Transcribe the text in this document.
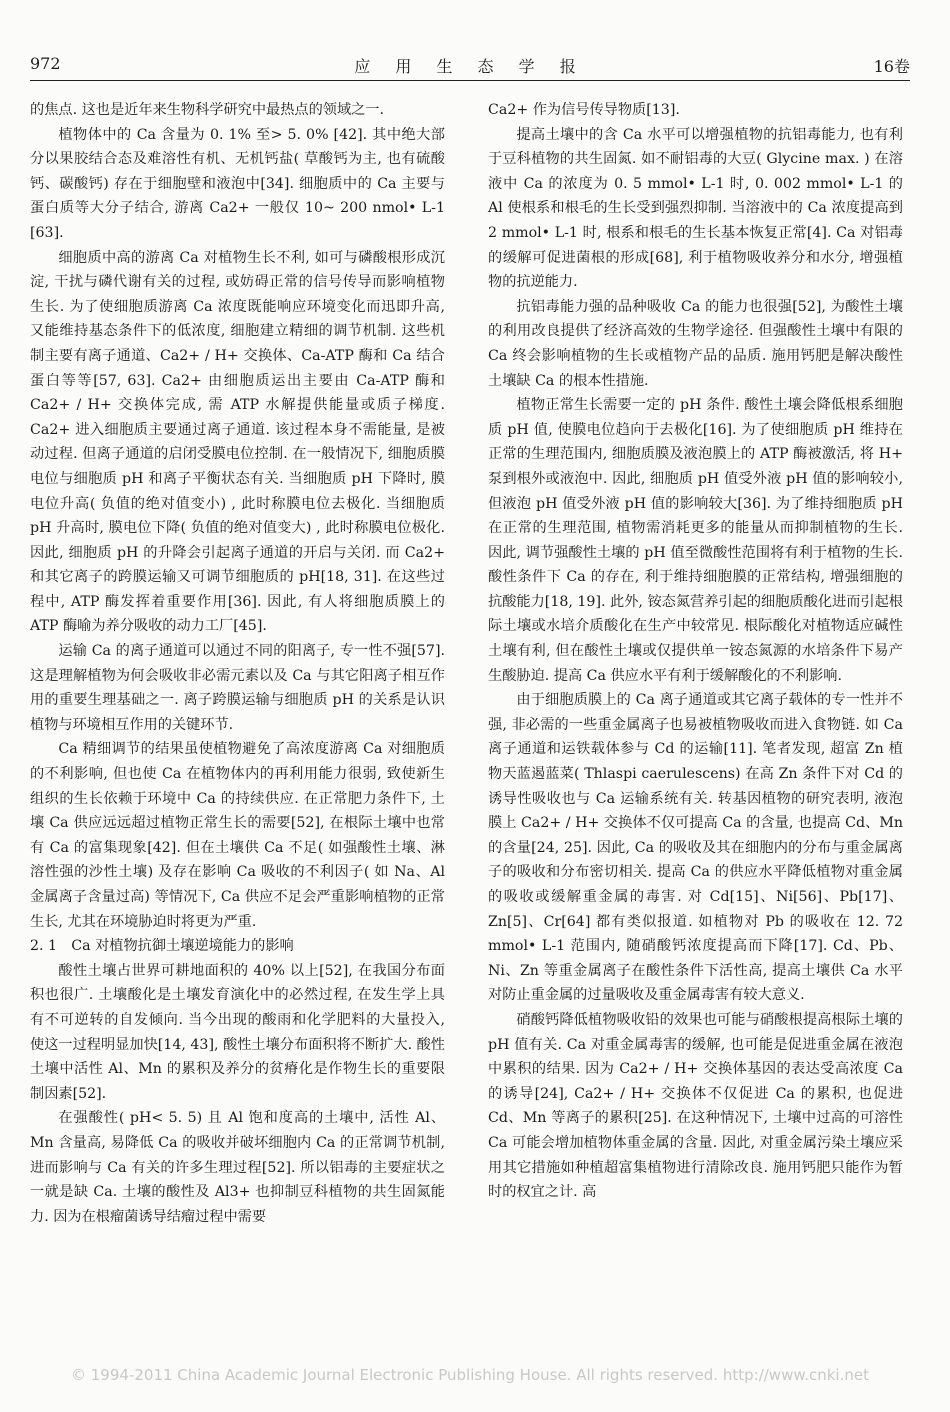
972	应 用 生 态 学 报	16卷

的焦点. 这也是近年来生物科学研究中最热点的领域之一.

植物体中的 Ca 含量为 0. 1% 至> 5. 0% [42]. 其中绝大部分以果胶结合态及难溶性有机、无机钙盐( 草酸钙为主, 也有硫酸钙、碳酸钙) 存在于细胞壁和液泡中[34]. 细胞质中的 Ca 主要与蛋白质等大分子结合, 游离 Ca2+ 一般仅 10~ 200 nmol• L-1 [63].

细胞质中高的游离 Ca 对植物生长不利, 如可与磷酸根形成沉淀, 干扰与磷代谢有关的过程, 或妨碍正常的信号传导而影响植物生长. 为了使细胞质游离 Ca 浓度既能响应环境变化而迅即升高, 又能维持基态条件下的低浓度, 细胞建立精细的调节机制. 这些机制主要有离子通道、Ca2+ / H+ 交换体、Ca-ATP 酶和 Ca 结合蛋白等等[57, 63]. Ca2+ 由细胞质运出主要由 Ca-ATP 酶和 Ca2+ / H+ 交换体完成, 需 ATP 水解提供能量或质子梯度. Ca2+ 进入细胞质主要通过离子通道. 该过程本身不需能量, 是被动过程. 但离子通道的启闭受膜电位控制. 在一般情况下, 细胞质膜电位与细胞质 pH 和离子平衡状态有关. 当细胞质 pH 下降时, 膜电位升高( 负值的绝对值变小) , 此时称膜电位去极化. 当细胞质 pH 升高时, 膜电位下降( 负值的绝对值变大) , 此时称膜电位极化. 因此, 细胞质 pH 的升降会引起离子通道的开启与关闭. 而 Ca2+ 和其它离子的跨膜运输又可调节细胞质的 pH[18, 31]. 在这些过程中, ATP 酶发挥着重要作用[36]. 因此, 有人将细胞质膜上的 ATP 酶喻为养分吸收的动力工厂[45].

运输 Ca 的离子通道可以通过不同的阳离子, 专一性不强[57]. 这是理解植物为何会吸收非必需元素以及 Ca 与其它阳离子相互作用的重要生理基础之一. 离子跨膜运输与细胞质 pH 的关系是认识植物与环境相互作用的关键环节.

Ca 精细调节的结果虽使植物避免了高浓度游离 Ca 对细胞质的不利影响, 但也使 Ca 在植物体内的再利用能力很弱, 致使新生组织的生长依赖于环境中 Ca 的持续供应. 在正常肥力条件下, 土壤 Ca 供应远远超过植物正常生长的需要[52], 在根际土壤中也常有 Ca 的富集现象[42]. 但在土壤供 Ca 不足( 如强酸性土壤、淋溶性强的沙性土壤) 及存在影响 Ca 吸收的不利因子( 如 Na、Al 金属离子含量过高) 等情况下, Ca 供应不足会严重影响植物的正常生长, 尤其在环境胁迫时将更为严重.

2. 1　Ca 对植物抗御土壤逆境能力的影响

酸性土壤占世界可耕地面积的 40% 以上[52], 在我国分布面积也很广. 土壤酸化是土壤发育演化中的必然过程, 在发生学上具有不可逆转的自发倾向. 当今出现的酸雨和化学肥料的大量投入, 使这一过程明显加快[14, 43], 酸性土壤分布面积将不断扩大. 酸性土壤中活性 Al、Mn 的累积及养分的贫瘠化是作物生长的重要限制因素[52].

在强酸性( pH< 5. 5) 且 Al 饱和度高的土壤中, 活性 Al、Mn 含量高, 易降低 Ca 的吸收并破坏细胞内 Ca 的正常调节机制, 进而影响与 Ca 有关的许多生理过程[52]. 所以铝毒的主要症状之一就是缺 Ca. 土壤的酸性及 Al3+ 也抑制豆科植物的共生固氮能力. 因为在根瘤菌诱导结瘤过程中需要

Ca2+ 作为信号传导物质[13].

提高土壤中的含 Ca 水平可以增强植物的抗铝毒能力, 也有利于豆科植物的共生固氮. 如不耐铝毒的大豆( Glycine max. ) 在溶液中 Ca 的浓度为 0. 5 mmol• L-1 时, 0. 002 mmol• L-1 的 Al 使根系和根毛的生长受到强烈抑制. 当溶液中的 Ca 浓度提高到 2 mmol• L-1 时, 根系和根毛的生长基本恢复正常[4]. Ca 对铝毒的缓解可促进菌根的形成[68], 利于植物吸收养分和水分, 增强植物的抗逆能力.

抗铝毒能力强的品种吸收 Ca 的能力也很强[52], 为酸性土壤的利用改良提供了经济高效的生物学途径. 但强酸性土壤中有限的 Ca 终会影响植物的生长或植物产品的品质. 施用钙肥是解决酸性土壤缺 Ca 的根本性措施.

植物正常生长需要一定的 pH 条件. 酸性土壤会降低根系细胞质 pH 值, 使膜电位趋向于去极化[16]. 为了使细胞质 pH 维持在正常的生理范围内, 细胞质膜及液泡膜上的 ATP 酶被激活, 将 H+ 泵到根外或液泡中. 因此, 细胞质 pH 值受外液 pH 值的影响较小, 但液泡 pH 值受外液 pH 值的影响较大[36]. 为了维持细胞质 pH 在正常的生理范围, 植物需消耗更多的能量从而抑制植物的生长. 因此, 调节强酸性土壤的 pH 值至微酸性范围将有利于植物的生长. 酸性条件下 Ca 的存在, 利于维持细胞膜的正常结构, 增强细胞的抗酸能力[18, 19]. 此外, 铵态氮营养引起的细胞质酸化进而引起根际土壤或水培介质酸化在生产中较常见. 根际酸化对植物适应碱性土壤有利, 但在酸性土壤或仅提供单一铵态氮源的水培条件下易产生酸胁迫. 提高 Ca 供应水平有利于缓解酸化的不利影响.

由于细胞质膜上的 Ca 离子通道或其它离子载体的专一性并不强, 非必需的一些重金属离子也易被植物吸收而进入食物链. 如 Ca 离子通道和运铁载体参与 Cd 的运输[11]. 笔者发现, 超富 Zn 植物天蓝遏蓝菜( Thlaspi caerulescens) 在高 Zn 条件下对 Cd 的诱导性吸收也与 Ca 运输系统有关. 转基因植物的研究表明, 液泡膜上 Ca2+ / H+ 交换体不仅可提高 Ca 的含量, 也提高 Cd、Mn 的含量[24, 25]. 因此, Ca 的吸收及其在细胞内的分布与重金属离子的吸收和分布密切相关. 提高 Ca 的供应水平降低植物对重金属的吸收或缓解重金属的毒害. 对 Cd[15]、Ni[56]、Pb[17]、Zn[5]、Cr[64] 都有类似报道. 如植物对 Pb 的吸收在 12. 72 mmol• L-1 范围内, 随硝酸钙浓度提高而下降[17]. Cd、Pb、Ni、Zn 等重金属离子在酸性条件下活性高, 提高土壤供 Ca 水平对防止重金属的过量吸收及重金属毒害有较大意义.

硝酸钙降低植物吸收铅的效果也可能与硝酸根提高根际土壤的 pH 值有关. Ca 对重金属毒害的缓解, 也可能是促进重金属在液泡中累积的结果. 因为 Ca2+ / H+ 交换体基因的表达受高浓度 Ca 的诱导[24], Ca2+ / H+ 交换体不仅促进 Ca 的累积, 也促进 Cd、Mn 等离子的累积[25]. 在这种情况下, 土壤中过高的可溶性 Ca 可能会增加植物体重金属的含量. 因此, 对重金属污染土壤应采用其它措施如种植超富集植物进行清除改良. 施用钙肥只能作为暂时的权宜之计. 高

© 1994-2011 China Academic Journal Electronic Publishing House. All rights reserved. http://www.cnki.net
